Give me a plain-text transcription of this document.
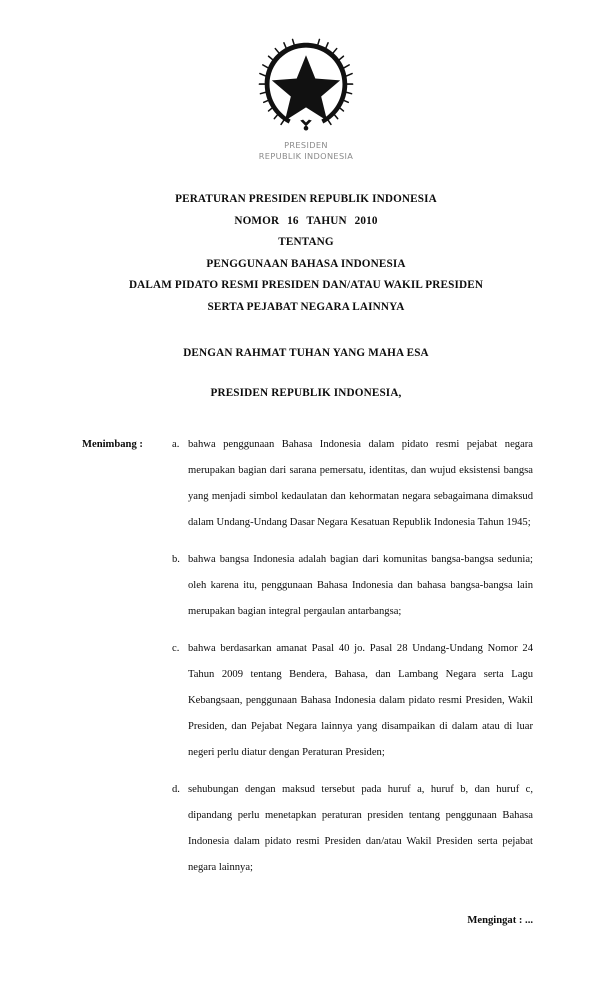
PRESIDEN
REPUBLIK INDONESIA
PERATURAN PRESIDEN REPUBLIK INDONESIA
NOMOR 16 TAHUN 2010
TENTANG
PENGGUNAAN BAHASA INDONESIA
DALAM PIDATO RESMI PRESIDEN DAN/ATAU WAKIL PRESIDEN
SERTA PEJABAT NEGARA LAINNYA
DENGAN RAHMAT TUHAN YANG MAHA ESA
PRESIDEN REPUBLIK INDONESIA,
Menimbang :	a. bahwa penggunaan Bahasa Indonesia dalam pidato resmi pejabat negara merupakan bagian dari sarana pemersatu, identitas, dan wujud eksistensi bangsa yang menjadi simbol kedaulatan dan kehormatan negara sebagaimana dimaksud dalam Undang-Undang Dasar Negara Kesatuan Republik Indonesia Tahun 1945;
b. bahwa bangsa Indonesia adalah bagian dari komunitas bangsa-bangsa sedunia; oleh karena itu, penggunaan Bahasa Indonesia dan bahasa bangsa-bangsa lain merupakan bagian integral pergaulan antarbangsa;
c. bahwa berdasarkan amanat Pasal 40 jo. Pasal 28 Undang-Undang Nomor 24 Tahun 2009 tentang Bendera, Bahasa, dan Lambang Negara serta Lagu Kebangsaan, penggunaan Bahasa Indonesia dalam pidato resmi Presiden, Wakil Presiden, dan Pejabat Negara lainnya yang disampaikan di dalam atau di luar negeri perlu diatur dengan Peraturan Presiden;
d. sehubungan dengan maksud tersebut pada huruf a, huruf b, dan huruf c, dipandang perlu menetapkan peraturan presiden tentang penggunaan Bahasa Indonesia dalam pidato resmi Presiden dan/atau Wakil Presiden serta pejabat negara lainnya;
Mengingat : ...
